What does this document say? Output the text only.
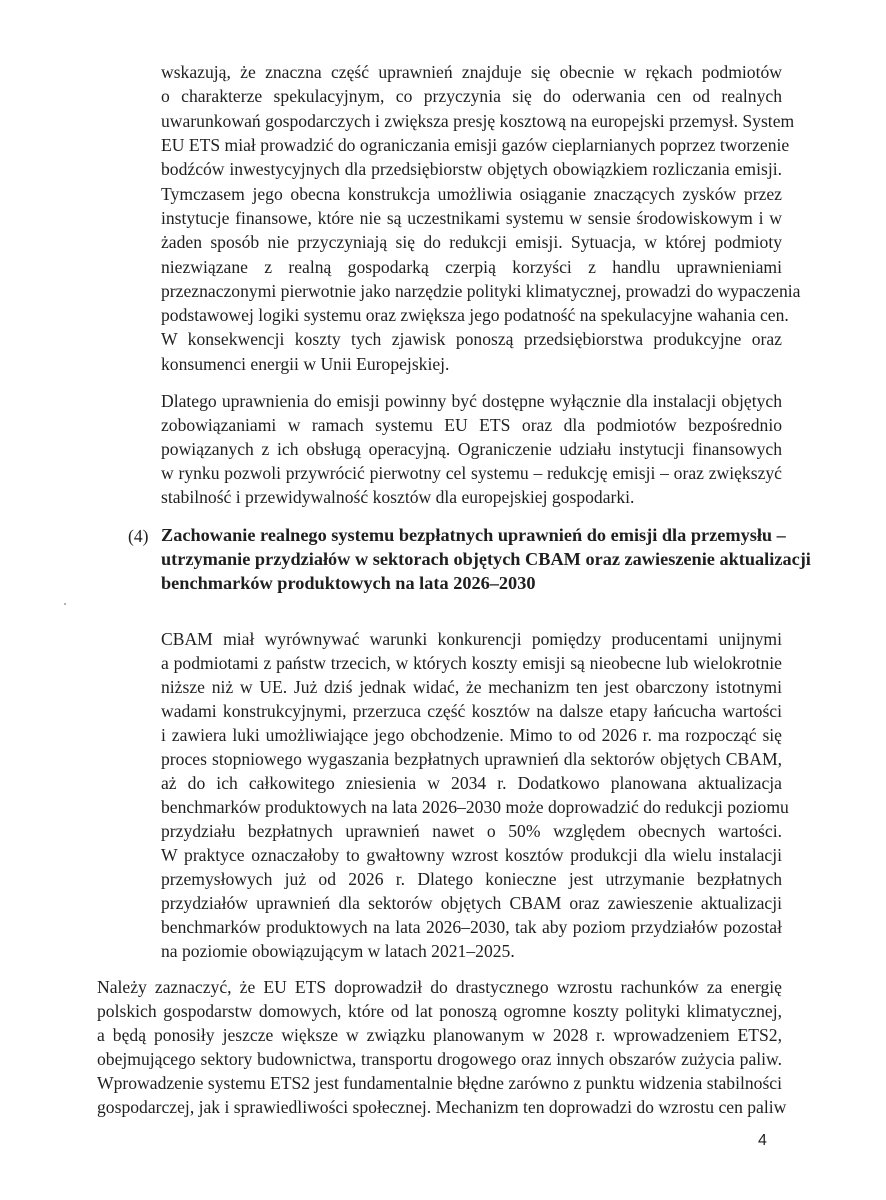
wskazują, że znaczna część uprawnień znajduje się obecnie w rękach podmiotów
o charakterze spekulacyjnym, co przyczynia się do oderwania cen od realnych
uwarunkowań gospodarczych i zwiększa presję kosztową na europejski przemysł. System
EU ETS miał prowadzić do ograniczania emisji gazów cieplarnianych poprzez tworzenie
bodźców inwestycyjnych dla przedsiębiorstw objętych obowiązkiem rozliczania emisji.
Tymczasem jego obecna konstrukcja umożliwia osiąganie znaczących zysków przez
instytucje finansowe, które nie są uczestnikami systemu w sensie środowiskowym i w
żaden sposób nie przyczyniają się do redukcji emisji. Sytuacja, w której podmioty
niezwiązane z realną gospodarką czerpią korzyści z handlu uprawnieniami
przeznaczonymi pierwotnie jako narzędzie polityki klimatycznej, prowadzi do wypaczenia
podstawowej logiki systemu oraz zwiększa jego podatność na spekulacyjne wahania cen.
W konsekwencji koszty tych zjawisk ponoszą przedsiębiorstwa produkcyjne oraz
konsumenci energii w Unii Europejskiej.
Dlatego uprawnienia do emisji powinny być dostępne wyłącznie dla instalacji objętych
zobowiązaniami w ramach systemu EU ETS oraz dla podmiotów bezpośrednio
powiązanych z ich obsługą operacyjną. Ograniczenie udziału instytucji finansowych
w rynku pozwoli przywrócić pierwotny cel systemu – redukcję emisji – oraz zwiększyć
stabilność i przewidywalność kosztów dla europejskiej gospodarki.
(4) Zachowanie realnego systemu bezpłatnych uprawnień do emisji dla przemysłu –
utrzymanie przydziałów w sektorach objętych CBAM oraz zawieszenie aktualizacji
benchmarków produktowych na lata 2026–2030
CBAM miał wyrównywać warunki konkurencji pomiędzy producentami unijnymi
a podmiotami z państw trzecich, w których koszty emisji są nieobecne lub wielokrotnie
niższe niż w UE. Już dziś jednak widać, że mechanizm ten jest obarczony istotnymi
wadami konstrukcyjnymi, przerzuca część kosztów na dalsze etapy łańcucha wartości
i zawiera luki umożliwiające jego obchodzenie. Mimo to od 2026 r. ma rozpocząć się
proces stopniowego wygaszania bezpłatnych uprawnień dla sektorów objętych CBAM,
aż do ich całkowitego zniesienia w 2034 r. Dodatkowo planowana aktualizacja
benchmarków produktowych na lata 2026–2030 może doprowadzić do redukcji poziomu
przydziału bezpłatnych uprawnień nawet o 50% względem obecnych wartości.
W praktyce oznaczałoby to gwałtowny wzrost kosztów produkcji dla wielu instalacji
przemysłowych już od 2026 r. Dlatego konieczne jest utrzymanie bezpłatnych
przydziałów uprawnień dla sektorów objętych CBAM oraz zawieszenie aktualizacji
benchmarków produktowych na lata 2026–2030, tak aby poziom przydziałów pozostał
na poziomie obowiązującym w latach 2021–2025.
Należy zaznaczyć, że EU ETS doprowadził do drastycznego wzrostu rachunków za energię
polskich gospodarstw domowych, które od lat ponoszą ogromne koszty polityki klimatycznej,
a będą ponosiły jeszcze większe w związku planowanym w 2028 r. wprowadzeniem ETS2,
obejmującego sektory budownictwa, transportu drogowego oraz innych obszarów zużycia paliw.
Wprowadzenie systemu ETS2 jest fundamentalnie błędne zarówno z punktu widzenia stabilności
gospodarczej, jak i sprawiedliwości społecznej. Mechanizm ten doprowadzi do wzrostu cen paliw
4
